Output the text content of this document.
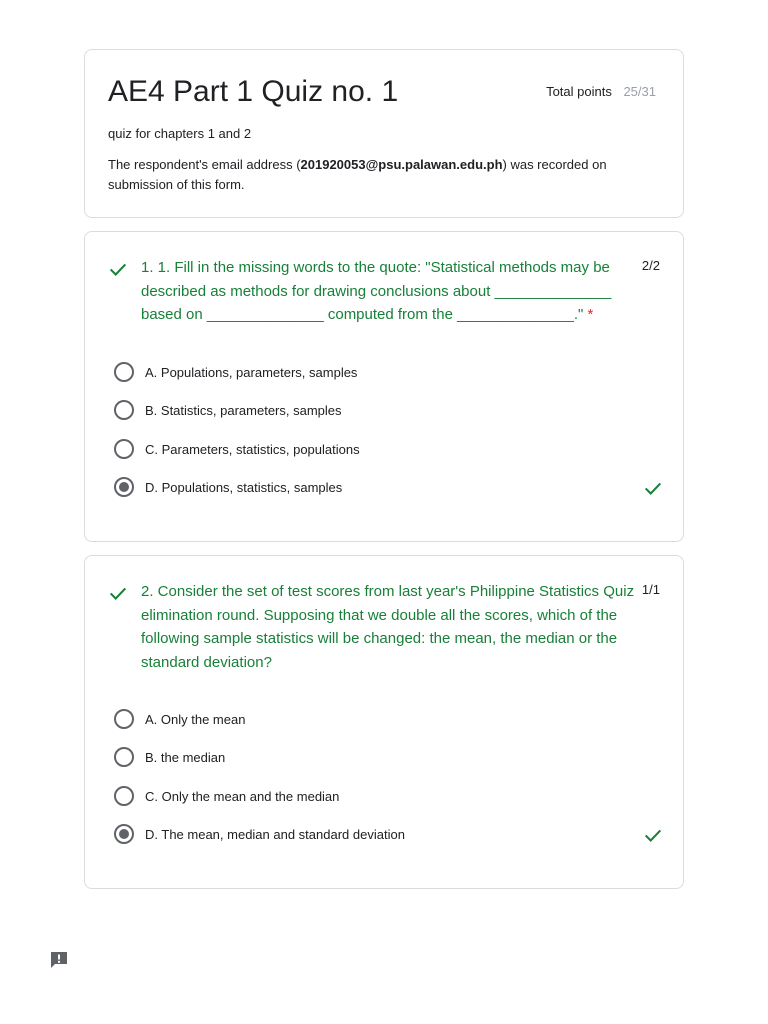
AE4 Part 1 Quiz no. 1	Total points 25/31
quiz for chapters 1 and 2
The respondent's email address (201920053@psu.palawan.edu.ph) was recorded on submission of this form.
1. 1. Fill in the missing words to the quote: "Statistical methods may be described as methods for drawing conclusions about ______________ based on ______________ computed from the ______________." *
2/2
A. Populations, parameters, samples
B. Statistics, parameters, samples
C. Parameters, statistics, populations
D. Populations, statistics, samples
2. Consider the set of test scores from last year's Philippine Statistics Quiz elimination round. Supposing that we double all the scores, which of the following sample statistics will be changed: the mean, the median or the standard deviation?
1/1
A. Only the mean
B. the median
C. Only the mean and the median
D. The mean, median and standard deviation
